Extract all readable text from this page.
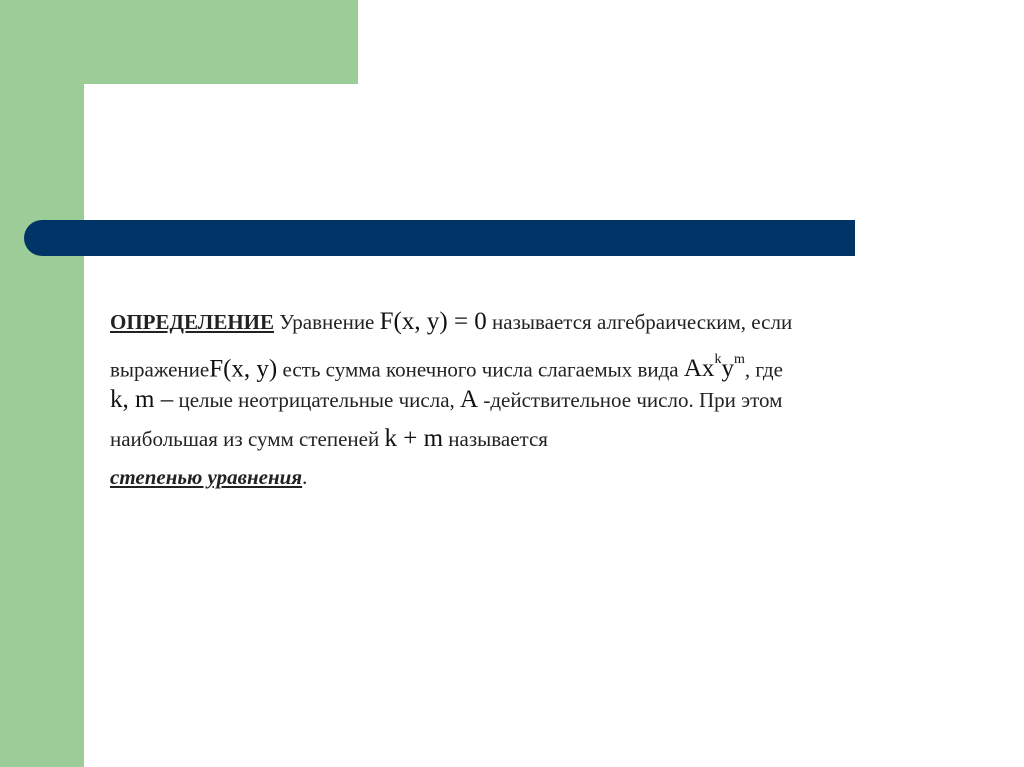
ОПРЕДЕЛЕНИЕ Уравнение F(x, y) = 0 называется алгебраическим, если
выражениеF(x, y) есть сумма конечного числа слагаемых вида $Ax^ky^m$, где
k, m – целые неотрицательные числа, A -действительное число. При этом
наибольшая из сумм степеней k + m называется
степенью уравнения.
